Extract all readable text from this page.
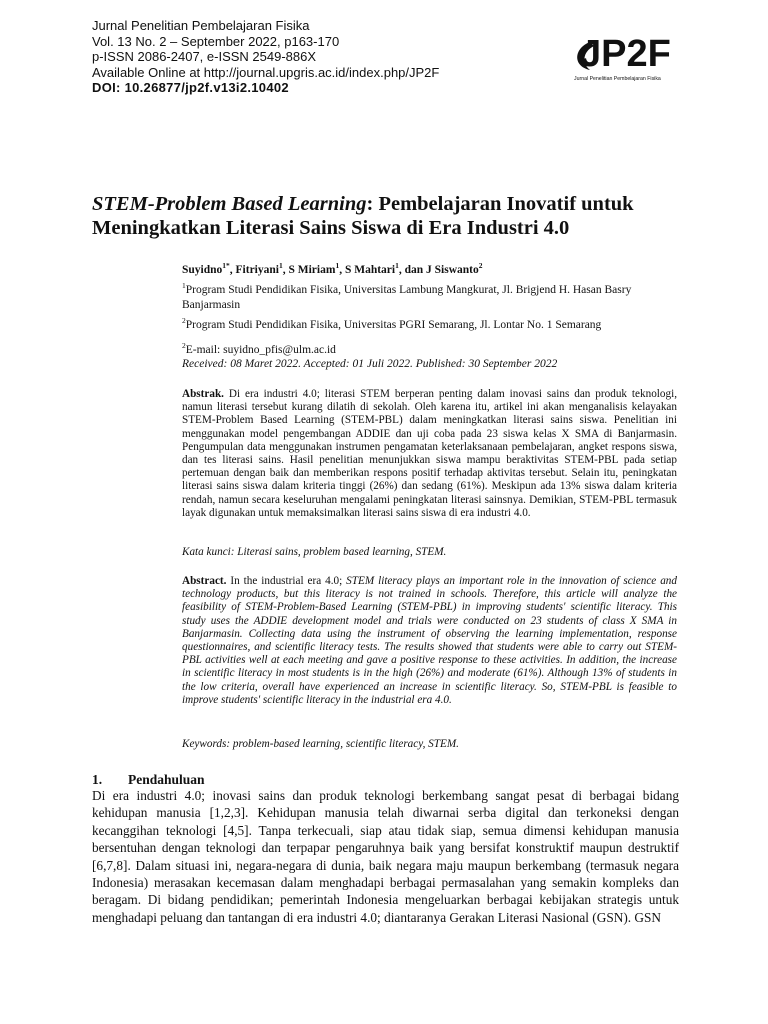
Jurnal Penelitian Pembelajaran Fisika
Vol. 13 No. 2 – September 2022, p163-170
p-ISSN 2086-2407, e-ISSN 2549-886X
Available Online at http://journal.upgris.ac.id/index.php/JP2F
DOI: 10.26877/jp2f.v13i2.10402
JP2F
Jurnal Penelitian Pembelajaran Fisika
STEM-Problem Based Learning: Pembelajaran Inovatif untuk Meningkatkan Literasi Sains Siswa di Era Industri 4.0
Suyidno$^{1*}$, Fitriyani$^1$, S Miriam$^1$, S Mahtari$^1$, dan J Siswanto$^2$
$^1$Program Studi Pendidikan Fisika, Universitas Lambung Mangkurat, Jl. Brigjend H. Hasan Basry Banjarmasin
$^2$Program Studi Pendidikan Fisika, Universitas PGRI Semarang, Jl. Lontar No. 1 Semarang
$^2$E-mail: suyidno_pfis@ulm.ac.id
Received: 08 Maret 2022. Accepted: 01 Juli 2022. Published: 30 September 2022
Abstrak. Di era industri 4.0; literasi STEM berperan penting dalam inovasi sains dan produk teknologi, namun literasi tersebut kurang dilatih di sekolah. Oleh karena itu, artikel ini akan menganalisis kelayakan STEM-Problem Based Learning (STEM-PBL) dalam meningkatkan literasi sains siswa. Penelitian ini menggunakan model pengembangan ADDIE dan uji coba pada 23 siswa kelas X SMA di Banjarmasin. Pengumpulan data menggunakan instrumen pengamatan keterlaksanaan pembelajaran, angket respons siswa, dan tes literasi sains. Hasil penelitian menunjukkan siswa mampu beraktivitas STEM-PBL pada setiap pertemuan dengan baik dan memberikan respons positif terhadap aktivitas tersebut. Selain itu, peningkatan literasi sains siswa dalam kriteria tinggi (26%) dan sedang (61%). Meskipun ada 13% siswa dalam kriteria rendah, namun secara keseluruhan mengalami peningkatan literasi sainsnya. Demikian, STEM-PBL termasuk layak digunakan untuk memaksimalkan literasi sains siswa di era industri 4.0.
Kata kunci: Literasi sains, problem based learning, STEM.
Abstract. In the industrial era 4.0; STEM literacy plays an important role in the innovation of science and technology products, but this literacy is not trained in schools. Therefore, this article will analyze the feasibility of STEM-Problem-Based Learning (STEM-PBL) in improving students' scientific literacy. This study uses the ADDIE development model and trials were conducted on 23 students of class X SMA in Banjarmasin. Collecting data using the instrument of observing the learning implementation, response questionnaires, and scientific literacy tests. The results showed that students were able to carry out STEM-PBL activities well at each meeting and gave a positive response to these activities. In addition, the increase in scientific literacy in most students is in the high (26%) and moderate (61%). Although 13% of students in the low criteria, overall have experienced an increase in scientific literacy. So, STEM-PBL is feasible to improve students' scientific literacy in the industrial era 4.0.
Keywords: problem-based learning, scientific literacy, STEM.
1. Pendahuluan
Di era industri 4.0; inovasi sains dan produk teknologi berkembang sangat pesat di berbagai bidang kehidupan manusia [1,2,3]. Kehidupan manusia telah diwarnai serba digital dan terkoneksi dengan kecanggihan teknologi [4,5]. Tanpa terkecuali, siap atau tidak siap, semua dimensi kehidupan manusia bersentuhan dengan teknologi dan terpapar pengaruhnya baik yang bersifat konstruktif maupun destruktif [6,7,8]. Dalam situasi ini, negara-negara di dunia, baik negara maju maupun berkembang (termasuk negara Indonesia) merasakan kecemasan dalam menghadapi berbagai permasalahan yang semakin kompleks dan beragam. Di bidang pendidikan; pemerintah Indonesia mengeluarkan berbagai kebijakan strategis untuk menghadapi peluang dan tantangan di era industri 4.0; diantaranya Gerakan Literasi Nasional (GSN). GSN
